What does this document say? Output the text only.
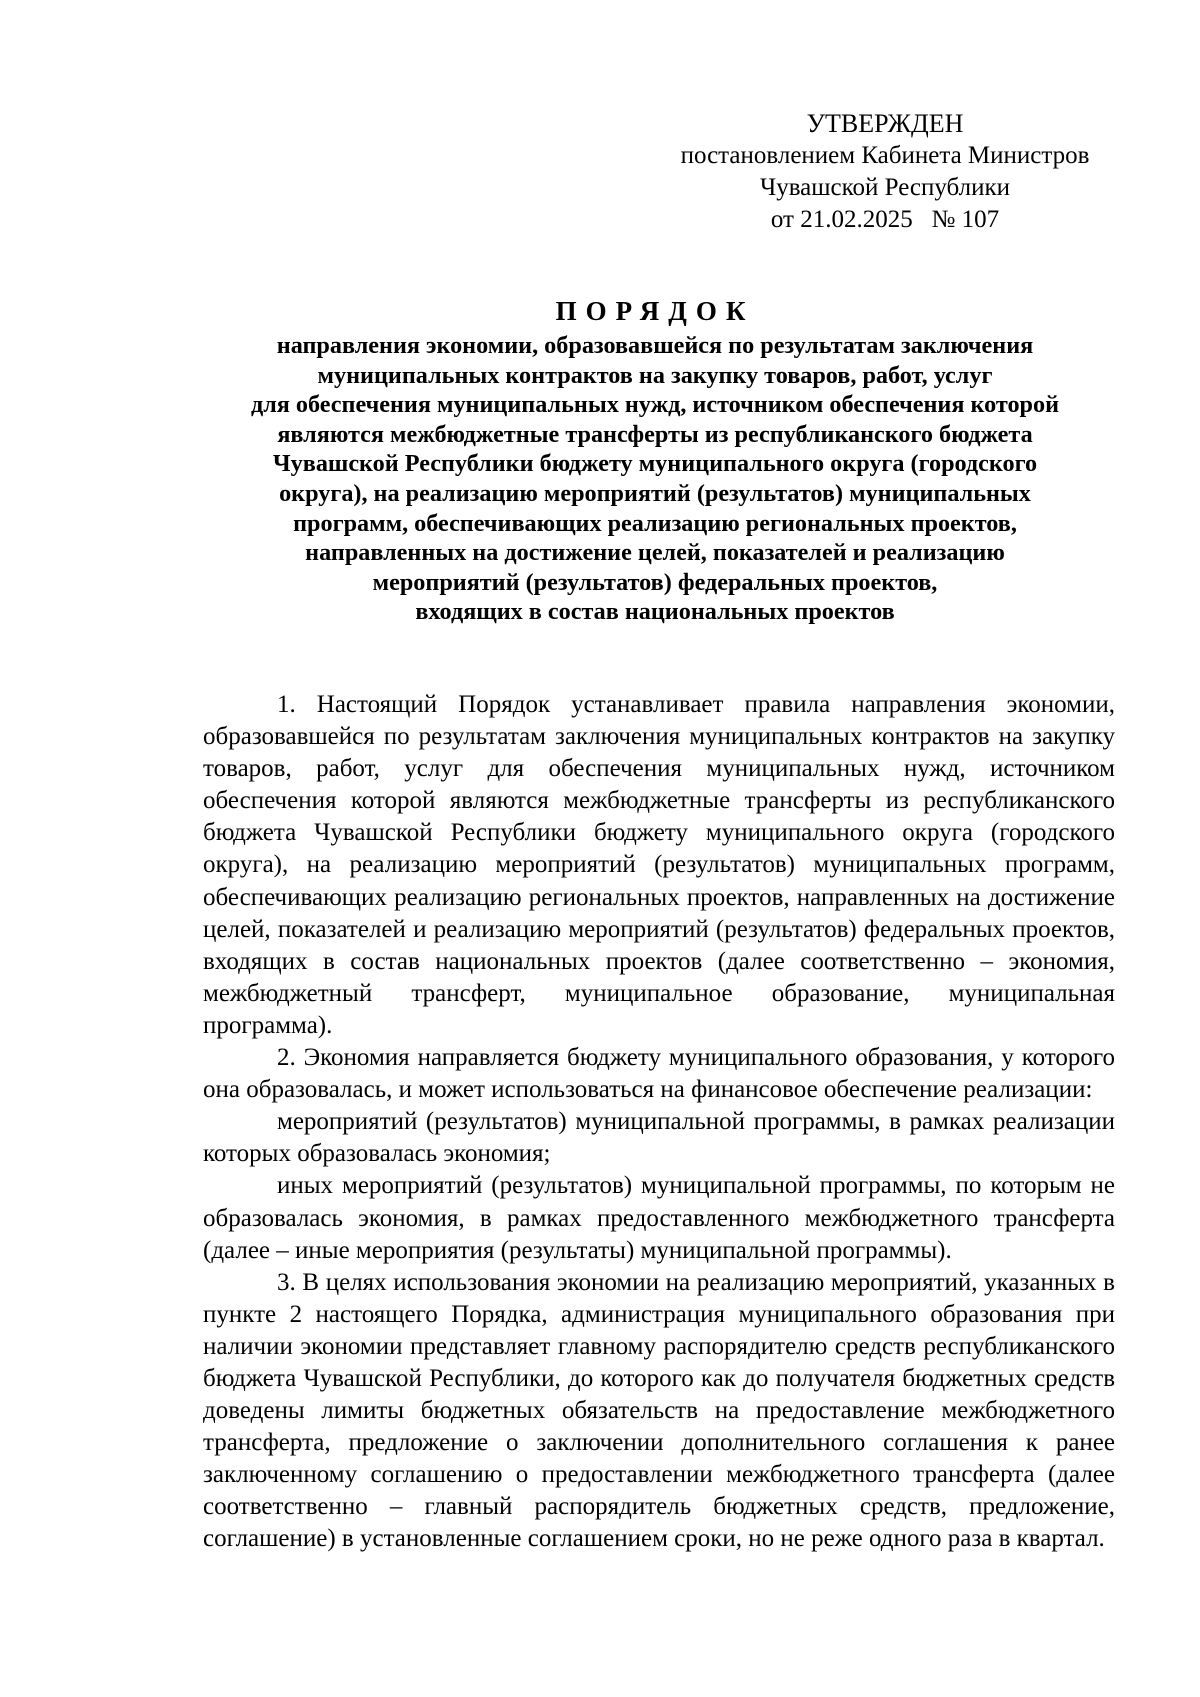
УТВЕРЖДЕН
постановлением Кабинета Министров
Чувашской Республики
от 21.02.2025   № 107
ПОРЯДОК
направления экономии, образовавшейся по результатам заключения
муниципальных контрактов на закупку товаров, работ, услуг
для обеспечения муниципальных нужд, источником обеспечения которой
являются межбюджетные трансферты из республиканского бюджета
Чувашской Республики бюджету муниципального округа (городского
округа), на реализацию мероприятий (результатов) муниципальных
программ, обеспечивающих реализацию региональных проектов,
направленных на достижение целей, показателей и реализацию
мероприятий (результатов) федеральных проектов,
входящих в состав национальных проектов

1. Настоящий Порядок устанавливает правила направления экономии, образовавшейся по результатам заключения муниципальных контрактов на закупку товаров, работ, услуг для обеспечения муниципальных нужд, источником обеспечения которой являются межбюджетные трансферты из республиканского бюджета Чувашской Республики бюджету муниципального округа (городского округа), на реализацию мероприятий (результатов) муниципальных программ, обеспечивающих реализацию региональных проектов, направленных на достижение целей, показателей и реализацию мероприятий (результатов) федеральных проектов, входящих в состав национальных проектов (далее соответственно – экономия, межбюджетный трансферт, муниципальное образование, муниципальная программа).

2. Экономия направляется бюджету муниципального образования, у которого она образовалась, и может использоваться на финансовое обеспечение реализации:

мероприятий (результатов) муниципальной программы, в рамках реализации которых образовалась экономия;

иных мероприятий (результатов) муниципальной программы, по которым не образовалась экономия, в рамках предоставленного межбюджетного трансферта (далее – иные мероприятия (результаты) муниципальной программы).

3. В целях использования экономии на реализацию мероприятий, указанных в пункте 2 настоящего Порядка, администрация муниципального образования при наличии экономии представляет главному распорядителю средств республиканского бюджета Чувашской Республики, до которого как до получателя бюджетных средств доведены лимиты бюджетных обязательств на предоставление межбюджетного трансферта, предложение о заключении дополнительного соглашения к ранее заключенному соглашению о предоставлении межбюджетного трансферта (далее соответственно – главный распорядитель бюджетных средств, предложение, соглашение) в установленные соглашением сроки, но не реже одного раза в квартал.
